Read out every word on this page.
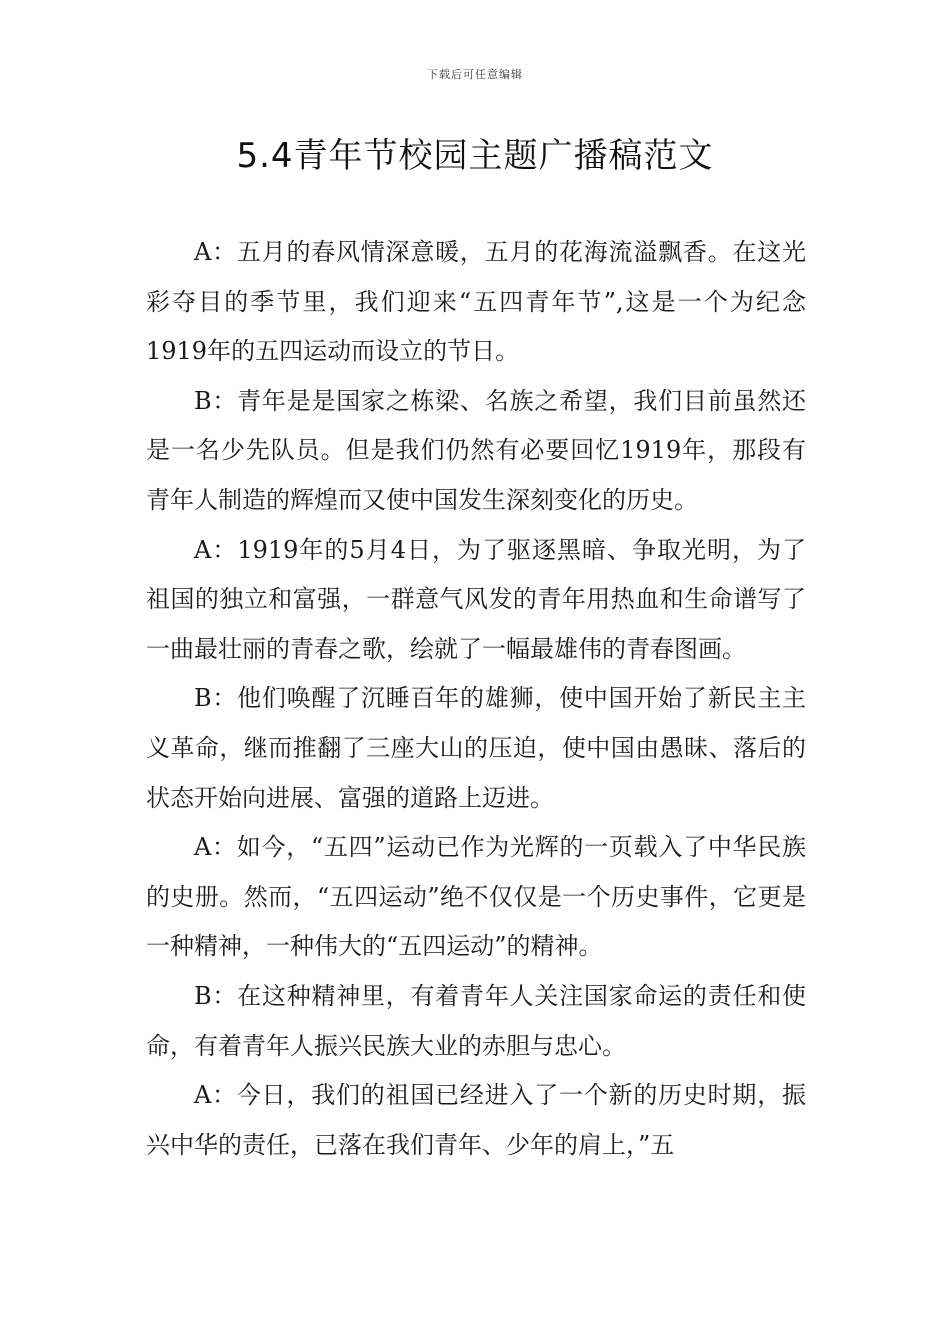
下载后可任意编辑
5.4青年节校园主题广播稿范文

A：五月的春风情深意暖，五月的花海流溢飘香。在这光彩夺目的季节里，我们迎来“五四青年节”,这是一个为纪念1919年的五四运动而设立的节日。

B：青年是是国家之栋梁、名族之希望，我们目前虽然还是一名少先队员。但是我们仍然有必要回忆1919年，那段有青年人制造的辉煌而又使中国发生深刻变化的历史。

A：1919年的5月4日，为了驱逐黑暗、争取光明，为了祖国的独立和富强，一群意气风发的青年用热血和生命谱写了一曲最壮丽的青春之歌，绘就了一幅最雄伟的青春图画。

B：他们唤醒了沉睡百年的雄狮，使中国开始了新民主主义革命，继而推翻了三座大山的压迫，使中国由愚昧、落后的状态开始向进展、富强的道路上迈进。

A：如今，“五四”运动已作为光辉的一页载入了中华民族的史册。然而，“五四运动”绝不仅仅是一个历史事件，它更是一种精神，一种伟大的“五四运动”的精神。

B：在这种精神里，有着青年人关注国家命运的责任和使命，有着青年人振兴民族大业的赤胆与忠心。

A：今日，我们的祖国已经进入了一个新的历史时期，振兴中华的责任，已落在我们青年、少年的肩上，”五
